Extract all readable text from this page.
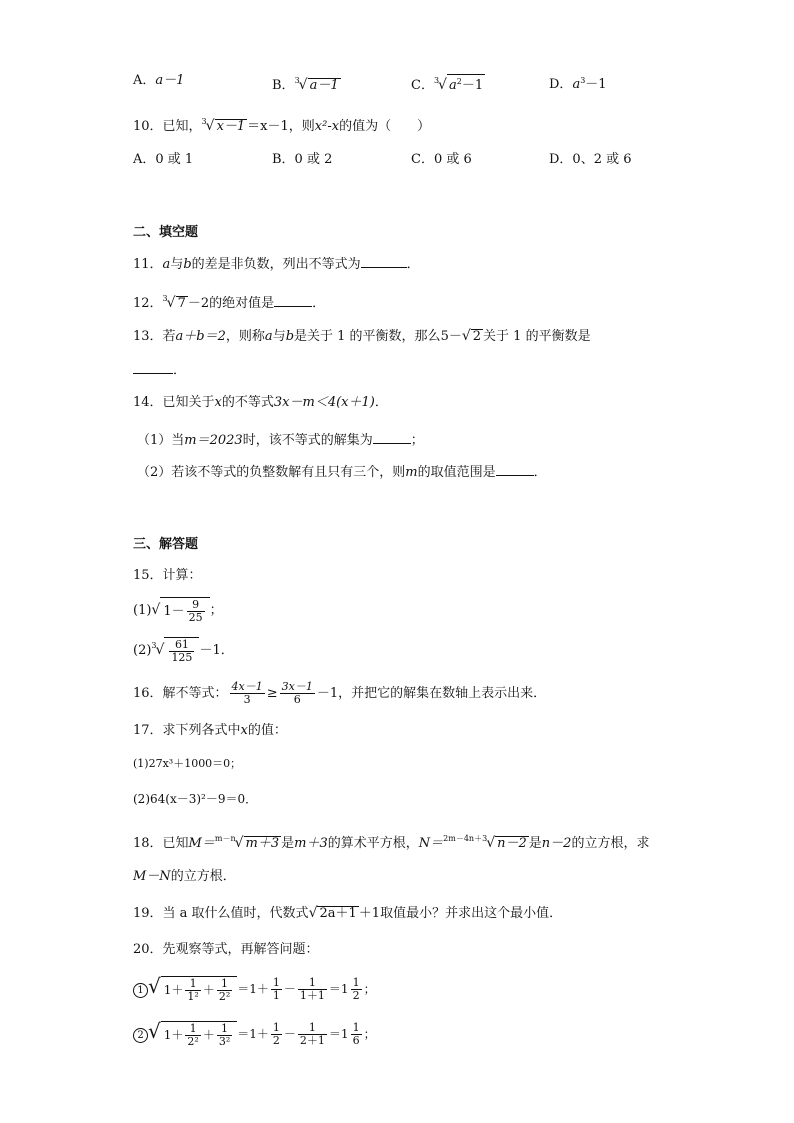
A．a－1	B．$^3$√ a－1	C．$^3$√ $a^2-1$	D．$a^3-1$
10．已知，$^3$√ x－1 ＝x－1，则x²-x的值为（　　）
A．0 或 1	B．0 或 2	C．0 或 6	D．0、2 或 6
二、填空题
11．a与b的差是非负数，列出不等式为	．
12．$^3$√ 7 －2的绝对值是	．
13．若a＋b＝2，则称a与b是关于 1 的平衡数，那么5－√ 2 关于 1 的平衡数是
．
14．已知关于x的不等式3x－m＜4(x＋1)．
（1）当m＝2023时，该不等式的解集为	；
（2）若该不等式的负整数解有且只有三个，则m的取值范围是	．
三、解答题
15．计算：
(1)√ $1- \frac{9}{25}$ ；
$(2)^3√ \frac{61}{125} -1$．
16．解不等式： $\frac{4x-1}{3} \ge \frac{3x-1}{6} -1$，并把它的解集在数轴上表示出来．
17．求下列各式中x的值：
(1)27x³＋1000＝0；
(2)64(x－3)²－9＝0．
18．已知M＝$^{m-n}$√ m＋3 是m＋3的算术平方根，N＝$^{2m-4n+3}$√ n－2 是n－2的立方根，求
M－N的立方根．
19．当 a 取什么值时，代数式√ 2a＋1 ＋1取值最小？并求出这个最小值．
20．先观察等式，再解答问题：
1 √ $1+ \frac{1}{\text{1²}} + \frac{1}{\text{2²}} =1+ \frac{1}{1} - \frac{1}{1+1} =1 \frac{1}{2}$ ；
2 √ $1+ \frac{1}{\text{2²}} + \frac{1}{\text{3²}} =1+ \frac{1}{2} - \frac{1}{2+1} =1 \frac{1}{6}$ ；
